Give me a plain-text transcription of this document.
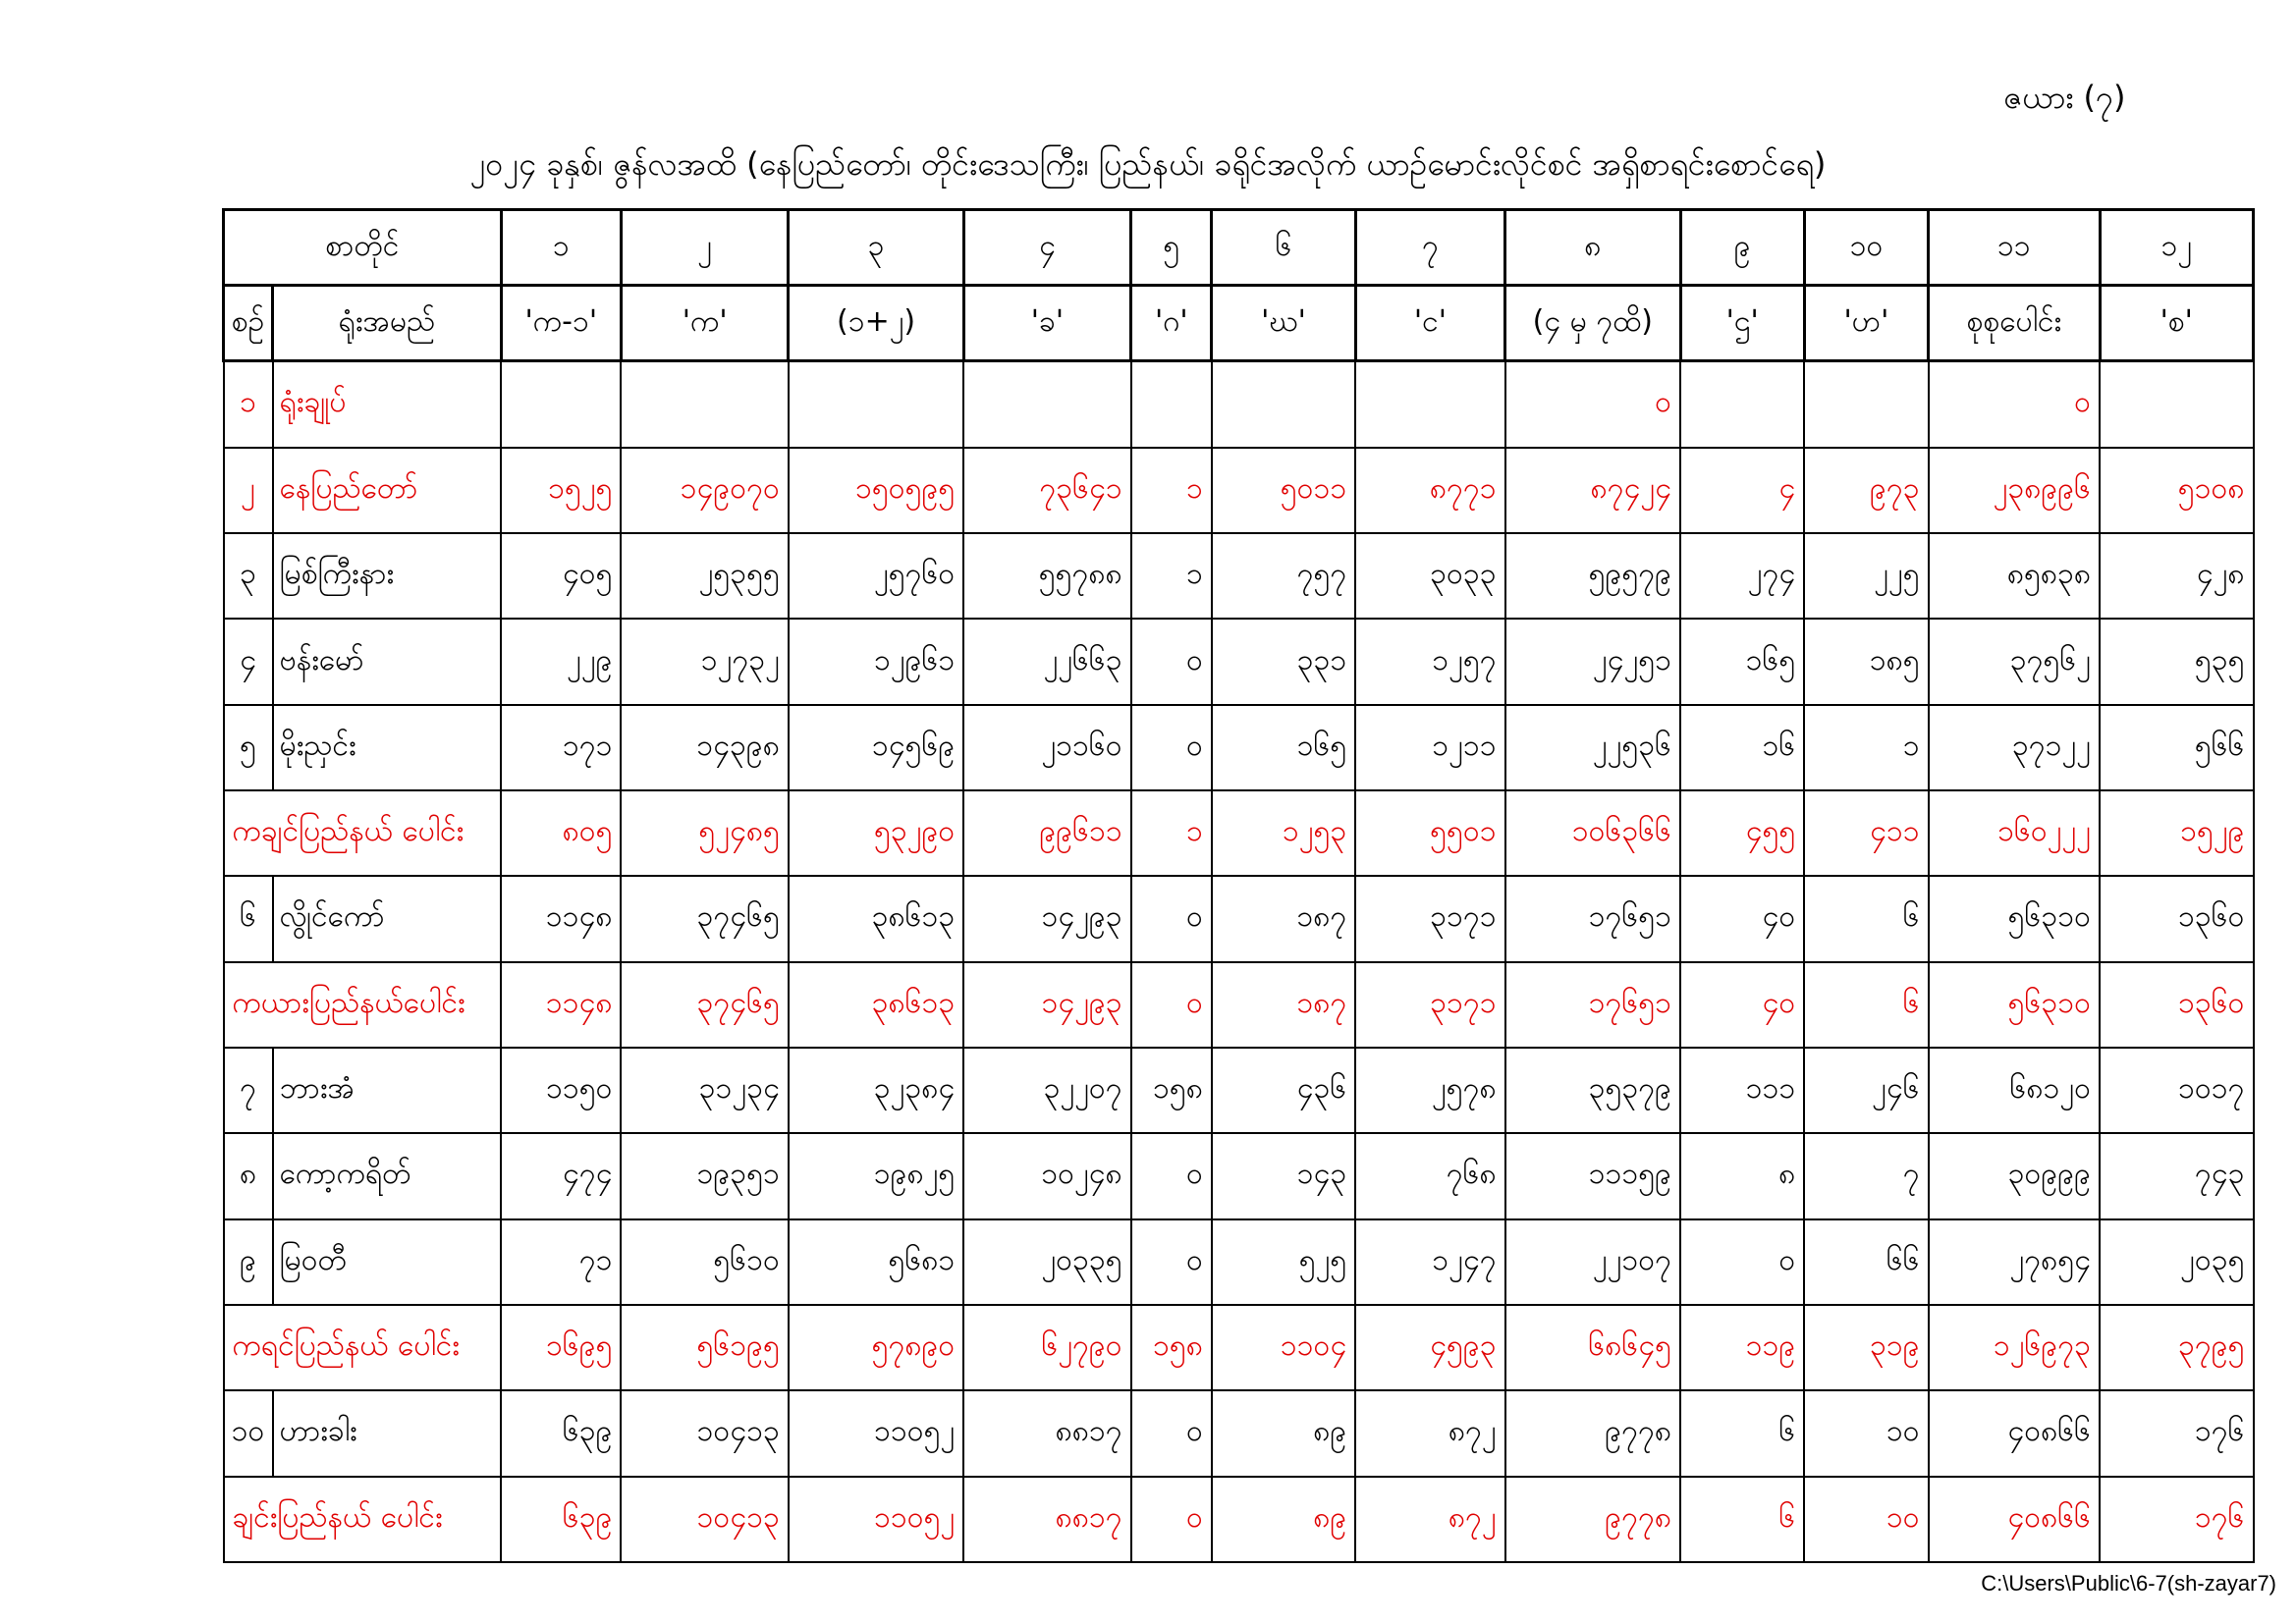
ဇယား (၇)
၂၀၂၄ ခုနှစ်၊ ဇွန်လအထိ (နေပြည်တော်၊ တိုင်းဒေသကြီး၊ ပြည်နယ်၊ ခရိုင်အလိုက် ယာဉ်မောင်းလိုင်စင် အရှိစာရင်းစောင်ရေ)
စာတိုင်		၁	၂	၃	၄	၅	၆	၇	၈	၉	၁၀	၁၁	၁၂
စဉ်	ရုံးအမည်	'က-၁'	'က'	(၁+၂)	'ခ'	'ဂ'	'ဃ'	'င'	(၄ မှ ၇ထိ)	'ဌ'	'ဟ'	စုစုပေါင်း	'စ'
၁	ရုံးချုပ်								၀			၀	
၂	နေပြည်တော်	၁၅၂၅	၁၄၉၀၇၀	၁၅၀၅၉၅	၇၃၆၄၁	၁	၅၀၁၁	၈၇၇၁	၈၇၄၂၄	၄	၉၇၃	၂၃၈၉၉၆	၅၁၀၈
၃	မြစ်ကြီးနား	၄၀၅	၂၅၃၅၅	၂၅၇၆၀	၅၅၇၈၈	၁	၇၅၇	၃၀၃၃	၅၉၅၇၉	၂၇၄	၂၂၅	၈၅၈၃၈	၄၂၈
၄	ဗန်းမော်	၂၂၉	၁၂၇၃၂	၁၂၉၆၁	၂၂၆၆၃	၀	၃၃၁	၁၂၅၇	၂၄၂၅၁	၁၆၅	၁၈၅	၃၇၅၆၂	၅၃၅
၅	မိုးညှင်း	၁၇၁	၁၄၃၉၈	၁၄၅၆၉	၂၁၁၆၀	၀	၁၆၅	၁၂၁၁	၂၂၅၃၆	၁၆	၁	၃၇၁၂၂	၅၆၆
ကချင်ပြည်နယ် ပေါင်း		၈၀၅	၅၂၄၈၅	၅၃၂၉၀	၉၉၆၁၁	၁	၁၂၅၃	၅၅၀၁	၁၀၆၃၆၆	၄၅၅	၄၁၁	၁၆၀၂၂၂	၁၅၂၉
၆	လွိုင်ကော်	၁၁၄၈	၃၇၄၆၅	၃၈၆၁၃	၁၄၂၉၃	၀	၁၈၇	၃၁၇၁	၁၇၆၅၁	၄၀	၆	၅၆၃၁၀	၁၃၆၀
ကယားပြည်နယ်ပေါင်း		၁၁၄၈	၃၇၄၆၅	၃၈၆၁၃	၁၄၂၉၃	၀	၁၈၇	၃၁၇၁	၁၇၆၅၁	၄၀	၆	၅၆၃၁၀	၁၃၆၀
၇	ဘားအံ	၁၁၅၀	၃၁၂၃၄	၃၂၃၈၄	၃၂၂၀၇	၁၅၈	၄၃၆	၂၅၇၈	၃၅၃၇၉	၁၁၁	၂၄၆	၆၈၁၂၀	၁၀၁၇
၈	ကော့ကရိတ်	၄၇၄	၁၉၃၅၁	၁၉၈၂၅	၁၀၂၄၈	၀	၁၄၃	၇၆၈	၁၁၁၅၉	၈	၇	၃၀၉၉၉	၇၄၃
၉	မြဝတီ	၇၁	၅၆၁၀	၅၆၈၁	၂၀၃၃၅	၀	၅၂၅	၁၂၄၇	၂၂၁၀၇	၀	၆၆	၂၇၈၅၄	၂၀၃၅
ကရင်ပြည်နယ် ပေါင်း		၁၆၉၅	၅၆၁၉၅	၅၇၈၉၀	၆၂၇၉၀	၁၅၈	၁၁၀၄	၄၅၉၃	၆၈၆၄၅	၁၁၉	၃၁၉	၁၂၆၉၇၃	၃၇၉၅
၁၀	ဟားခါး	၆၃၉	၁၀၄၁၃	၁၁၀၅၂	၈၈၁၇	၀	၈၉	၈၇၂	၉၇၇၈	၆	၁၀	၄၀၈၆၆	၁၇၆
ချင်းပြည်နယ် ပေါင်း		၆၃၉	၁၀၄၁၃	၁၁၀၅၂	၈၈၁၇	၀	၈၉	၈၇၂	၉၇၇၈	၆	၁၀	၄၀၈၆၆	၁၇၆
C:\Users\Public\6-7(sh-zayar7)
